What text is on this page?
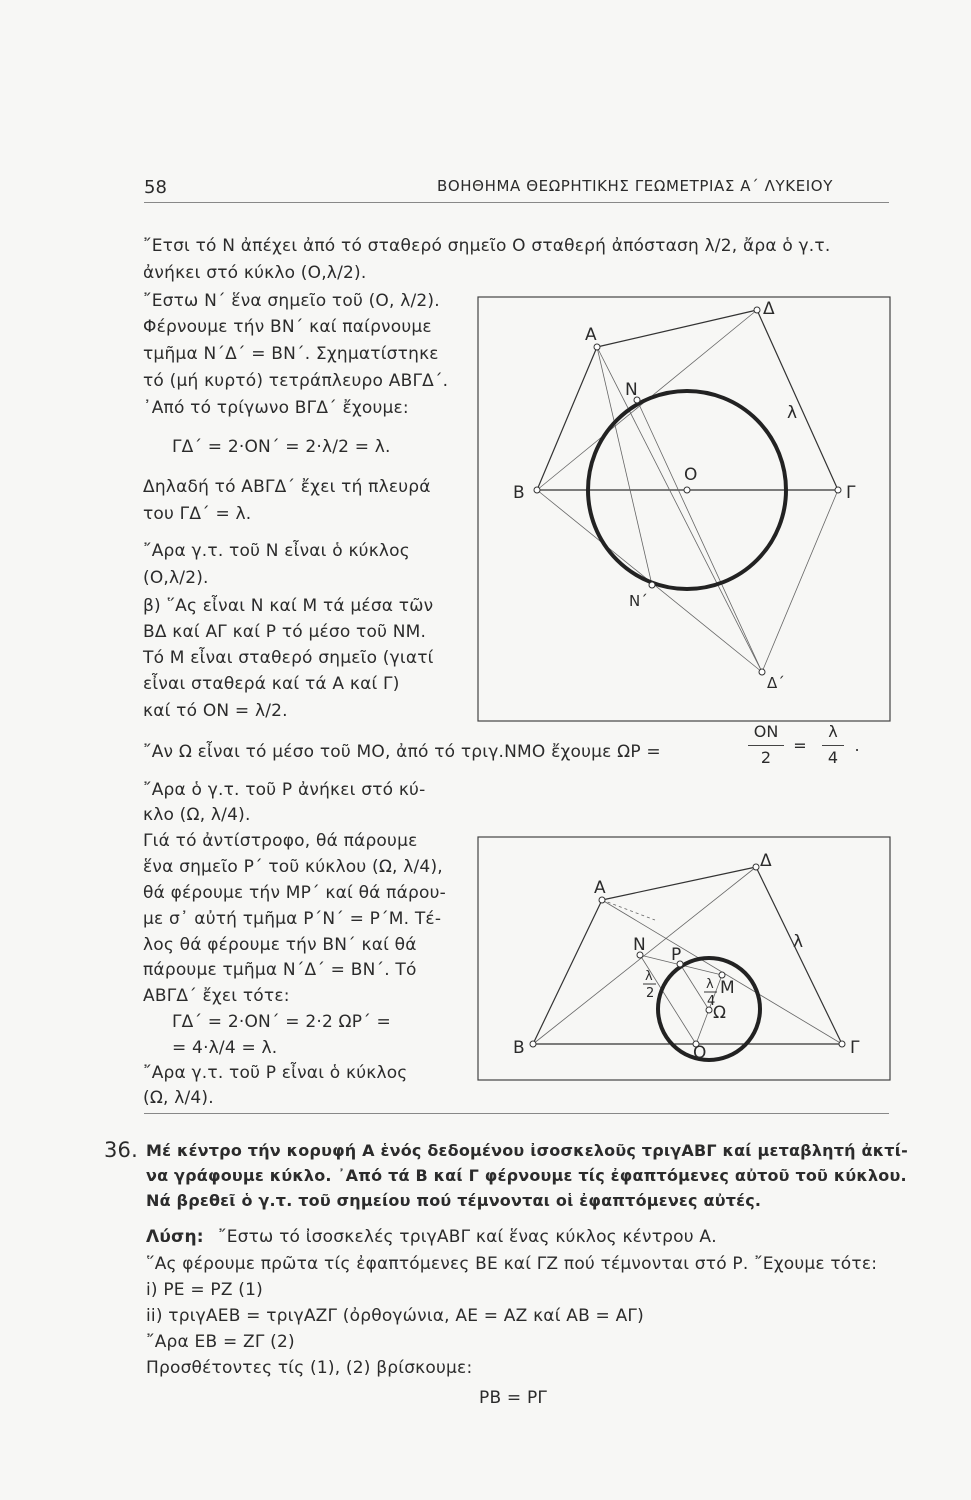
58	ΒΟΗΘΗΜΑ ΘΕΩΡΗΤΙΚΗΣ ΓΕΩΜΕΤΡΙΑΣ Α΄ ΛΥΚΕΙΟΥ
῎Ετσι τό Ν ἀπέχει ἀπό τό σταθερό σημεῖο Ο σταθερή ἀπόσταση λ/2, ἄρα ὁ γ.τ.
ἀνήκει στό κύκλο (Ο,λ/2).
῎Εστω Ν΄ ἕνα σημεῖο τοῦ (Ο, λ/2).
Φέρνουμε τήν ΒΝ΄ καί παίρνουμε
τμῆμα Ν΄Δ΄ = ΒΝ΄. Σχηματίστηκε
τό (μή κυρτό) τετράπλευρο ΑΒΓΔ΄.
᾿Από τό τρίγωνο ΒΓΔ΄ ἔχουμε:
ΓΔ΄ = 2·ΟΝ΄ = 2·λ/2 = λ.
Δηλαδή τό ΑΒΓΔ΄ ἔχει τή πλευρά
του ΓΔ΄ = λ.
῎Αρα γ.τ. τοῦ Ν εἶναι ὁ κύκλος
(Ο,λ/2).
β) ῞Ας εἶναι Ν καί Μ τά μέσα τῶν
ΒΔ καί ΑΓ καί Ρ τό μέσο τοῦ ΝΜ.
Τό Μ εἶναι σταθερό σημεῖο (γιατί
εἶναι σταθερά καί τά Α καί Γ)
καί τό ΟΝ = λ/2.
῎Αν Ω εἶναι τό μέσο τοῦ ΜΟ, ἀπό τό τριγ.ΝΜΟ ἔχουμε ΩΡ =
ΟΝ
2
=
λ
4
.
A
Δ
λ
N
O
B	Γ
N΄
Δ΄
῎Αρα ὁ γ.τ. τοῦ Ρ ἀνήκει στό κύ-
κλο (Ω, λ/4).
Γιά τό ἀντίστροφο, θά πάρουμε
ἕνα σημεῖο Ρ΄ τοῦ κύκλου (Ω, λ/4),
θά φέρουμε τήν ΜΡ΄ καί θά πάρου-
με σ᾿ αὐτή τμῆμα Ρ΄Ν΄ = Ρ΄Μ. Τέ-
λος θά φέρουμε τήν ΒΝ΄ καί θά
πάρουμε τμῆμα Ν΄Δ΄ = ΒΝ΄. Τό
ΑΒΓΔ΄ ἔχει τότε:
ΓΔ΄ = 2·ΟΝ΄ = 2·2 ΩΡ΄ =
= 4·λ/4 = λ.
῎Αρα γ.τ. τοῦ Ρ εἶναι ὁ κύκλος
(Ω, λ/4).
A
Δ
λ
N P
M
Ω
O
B	Γ
λ
2
λ
4
36. Μέ κέντρο τήν κορυφή Α ἑνός δεδομένου ἰσοσκελοῦς τριγΑΒΓ καί μεταβλητή ἀκτί-
να γράφουμε κύκλο. ᾿Από τά Β καί Γ φέρνουμε τίς ἐφαπτόμενες αὐτοῦ τοῦ κύκλου.
Νά βρεθεῖ ὁ γ.τ. τοῦ σημείου πού τέμνονται οἱ ἐφαπτόμενες αὐτές.
Λύση: ῎Εστω τό ἰσοσκελές τριγΑΒΓ καί ἕνας κύκλος κέντρου Α.
῞Ας φέρουμε πρῶτα τίς ἐφαπτόμενες ΒΕ καί ΓΖ πού τέμνονται στό Ρ. ῎Εχουμε τότε:
i) ΡΕ = ΡΖ (1)
ii) τριγΑΕΒ = τριγΑΖΓ (ὀρθογώνια, ΑΕ = ΑΖ καί ΑΒ = ΑΓ)
῎Αρα ΕΒ = ΖΓ (2)
Προσθέτοντες τίς (1), (2) βρίσκουμε:
ΡΒ = ΡΓ
